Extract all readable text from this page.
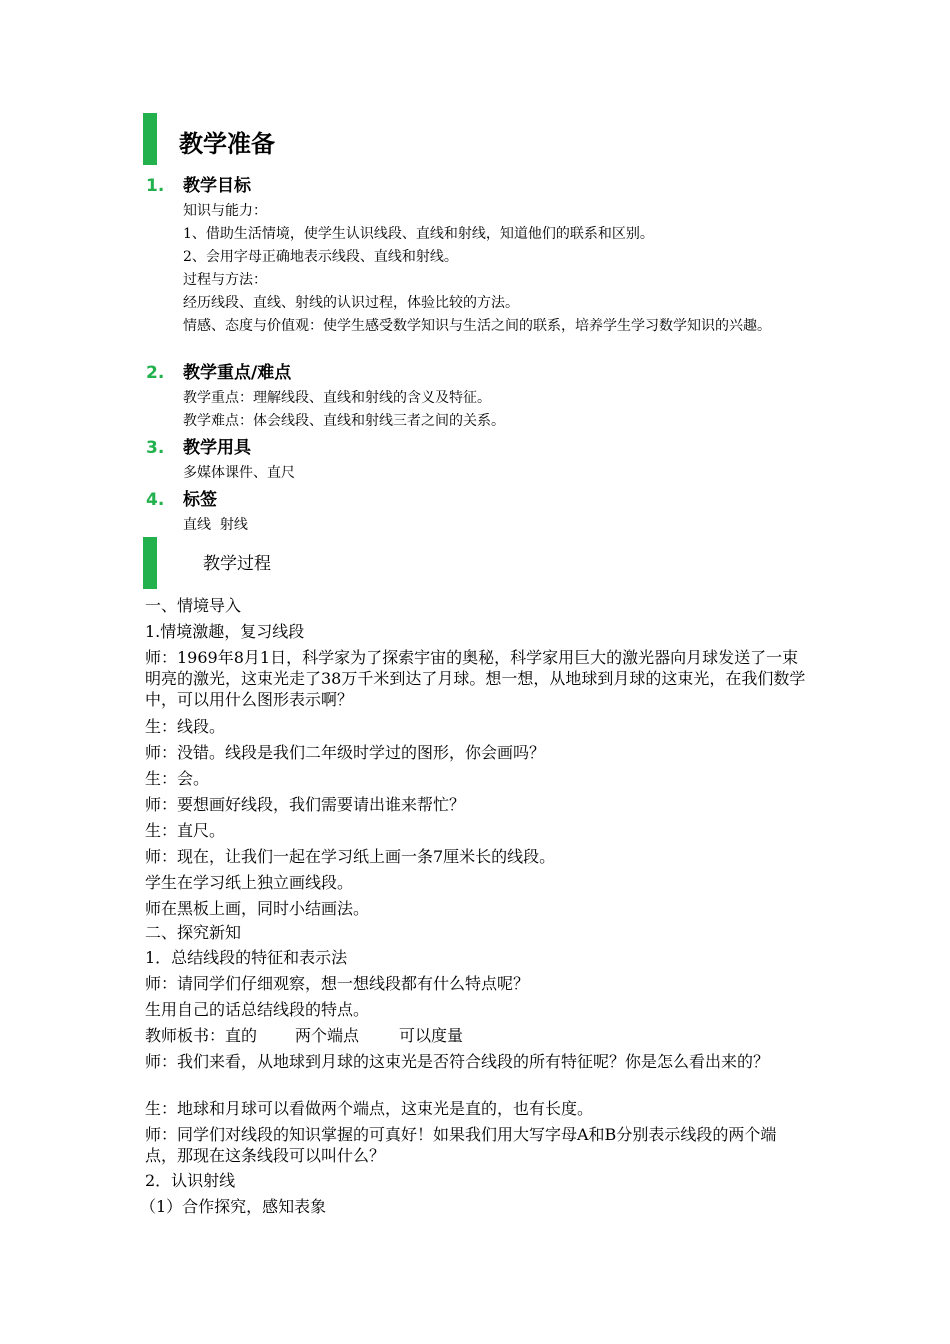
教学准备
1. 教学目标
知识与能力：
1、借助生活情境，使学生认识线段、直线和射线，知道他们的联系和区别。
2、会用字母正确地表示线段、直线和射线。
过程与方法：
经历线段、直线、射线的认识过程，体验比较的方法。
情感、态度与价值观：使学生感受数学知识与生活之间的联系，培养学生学习数学知识的兴趣。
2. 教学重点/难点
教学重点：理解线段、直线和射线的含义及特征。
教学难点：体会线段、直线和射线三者之间的关系。
3. 教学用具
多媒体课件、直尺
4. 标签
直线  射线
教学过程
一、情境导入
1.情境激趣，复习线段
师：1969年8月1日，科学家为了探索宇宙的奥秘，科学家用巨大的激光器向月球发送了一束明亮的激光，这束光走了38万千米到达了月球。想一想，从地球到月球的这束光，在我们数学中，可以用什么图形表示啊？
生：线段。
师：没错。线段是我们二年级时学过的图形，你会画吗？
生：会。
师：要想画好线段，我们需要请出谁来帮忙？
生：直尺。
师：现在，让我们一起在学习纸上画一条7厘米长的线段。
学生在学习纸上独立画线段。
师在黑板上画，同时小结画法。
二、探究新知
1．总结线段的特征和表示法
师：请同学们仔细观察，想一想线段都有什么特点呢？
生用自己的话总结线段的特点。
教师板书：直的 两个端点	可以度量
师：我们来看，从地球到月球的这束光是否符合线段的所有特征呢？你是怎么看出来的？
生：地球和月球可以看做两个端点，这束光是直的，也有长度。
师：同学们对线段的知识掌握的可真好！如果我们用大写字母A和B分别表示线段的两个端点，那现在这条线段可以叫什么？
2．认识射线
（1）合作探究，感知表象
